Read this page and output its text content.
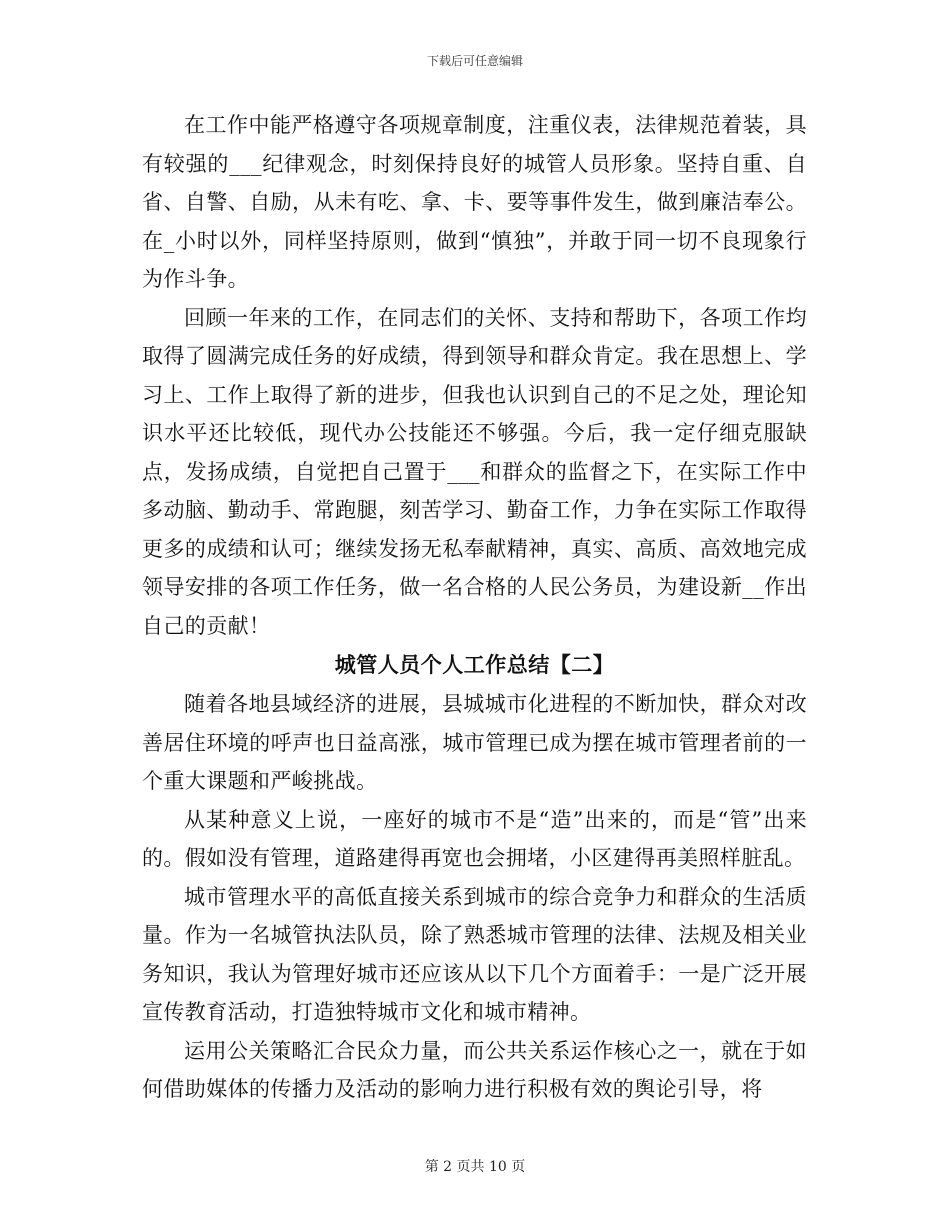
下载后可任意编辑

在工作中能严格遵守各项规章制度，注重仪表，法律规范着装，具有较强的___纪律观念，时刻保持良好的城管人员形象。坚持自重、自省、自警、自励，从未有吃、拿、卡、要等事件发生，做到廉洁奉公。在_小时以外，同样坚持原则，做到“慎独”，并敢于同一切不良现象行为作斗争。

回顾一年来的工作，在同志们的关怀、支持和帮助下，各项工作均取得了圆满完成任务的好成绩，得到领导和群众肯定。我在思想上、学习上、工作上取得了新的进步，但我也认识到自己的不足之处，理论知识水平还比较低，现代办公技能还不够强。今后，我一定仔细克服缺点，发扬成绩，自觉把自己置于___和群众的监督之下，在实际工作中多动脑、勤动手、常跑腿，刻苦学习、勤奋工作，力争在实际工作取得更多的成绩和认可；继续发扬无私奉献精神，真实、高质、高效地完成领导安排的各项工作任务，做一名合格的人民公务员，为建设新__作出自己的贡献！

城管人员个人工作总结【二】

随着各地县域经济的进展，县城城市化进程的不断加快，群众对改善居住环境的呼声也日益高涨，城市管理已成为摆在城市管理者前的一个重大课题和严峻挑战。

从某种意义上说，一座好的城市不是“造”出来的，而是“管”出来的。假如没有管理，道路建得再宽也会拥堵，小区建得再美照样脏乱。

城市管理水平的高低直接关系到城市的综合竞争力和群众的生活质量。作为一名城管执法队员，除了熟悉城市管理的法律、法规及相关业务知识，我认为管理好城市还应该从以下几个方面着手：一是广泛开展宣传教育活动，打造独特城市文化和城市精神。

运用公关策略汇合民众力量，而公共关系运作核心之一，就在于如何借助媒体的传播力及活动的影响力进行积极有效的舆论引导，将

第 2 页共 10 页
